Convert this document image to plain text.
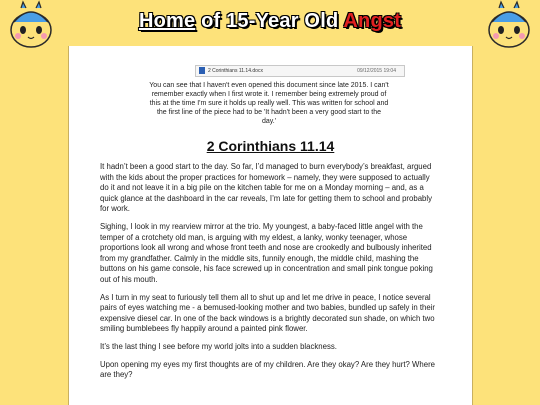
Home of 15-Year Old Angst
2 Corinthians 11.14.docx	09/12/2015 19:04
You can see that I haven't even opened this document since late 2015. I can't remember exactly when I first wrote it. I remember being extremely proud of this at the time I'm sure it holds up really well. This was written for school and the first line of the piece had to be 'It hadn't been a very good start to the day.'
2 Corinthians 11.14

It hadn’t been a good start to the day. So far, I’d managed to burn everybody’s breakfast, argued with the kids about the proper practices for homework – namely, they were supposed to actually do it and not leave it in a big pile on the kitchen table for me on a Monday morning – and, as a quick glance at the dashboard in the car reveals, I’m late for getting them to school and probably for work.

Sighing, I look in my rearview mirror at the trio. My youngest, a baby-faced little angel with the temper of a crotchety old man, is arguing with my eldest, a lanky, wonky teenager, whose proportions look all wrong and whose front teeth and nose are crookedly and bulbously inherited from my grandfather. Calmly in the middle sits, funnily enough, the middle child, mashing the buttons on his game console, his face screwed up in concentration and small pink tongue poking out of his mouth.

As I turn in my seat to furiously tell them all to shut up and let me drive in peace, I notice several pairs of eyes watching me - a bemused-looking mother and two babies, bundled up safely in their expensive diesel car. In one of the back windows is a brightly decorated sun shade, on which two smiling bumblebees fly happily around a painted pink flower.

It’s the last thing I see before my world jolts into a sudden blackness.

Upon opening my eyes my first thoughts are of my children. Are they okay? Are they hurt? Where are they?
